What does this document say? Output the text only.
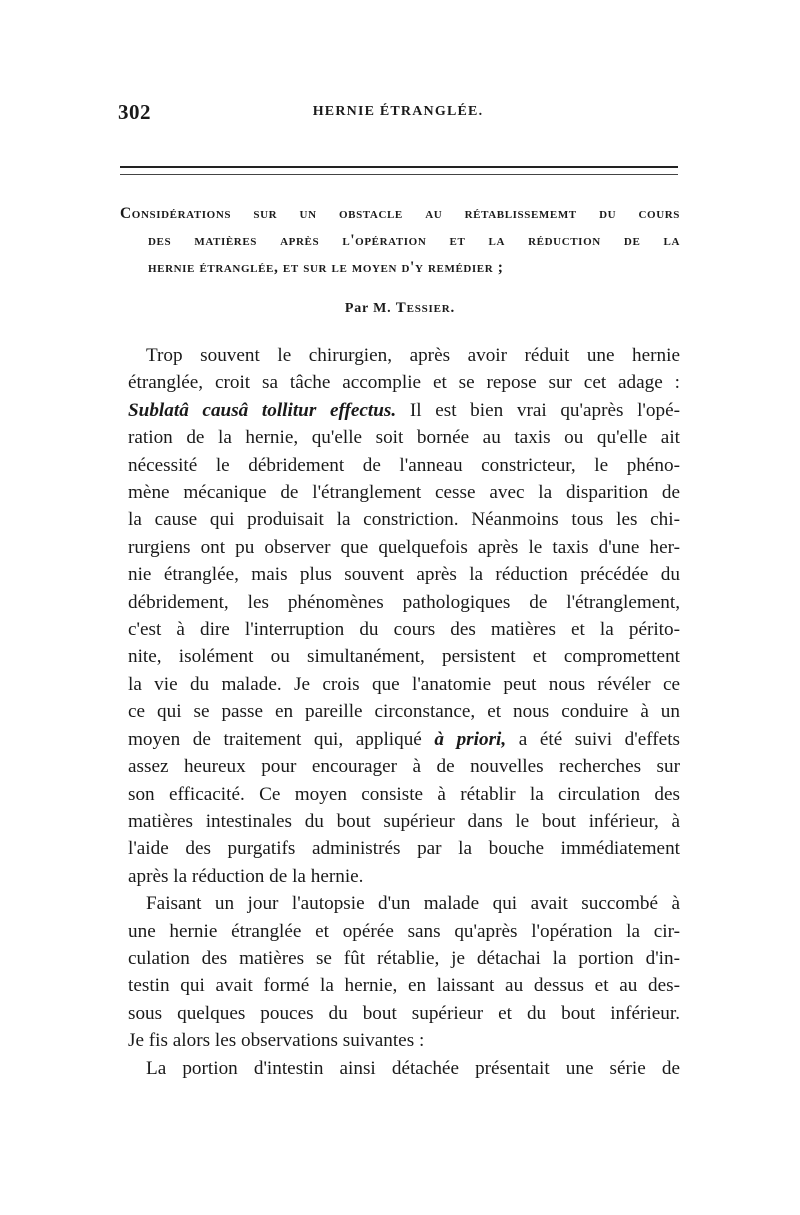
302	HERNIE ÉTRANGLÉE.
Considérations sur un obstacle au rétablissememt du cours
des matières après l'opération et la réduction de la
hernie étranglée, et sur le moyen d'y remédier ;
Par M. Tessier.
Trop souvent le chirurgien, après avoir réduit une hernie
étranglée, croit sa tâche accomplie et se repose sur cet adage :
Sublatâ causâ tollitur effectus. Il est bien vrai qu'après l'opé-
ration de la hernie, qu'elle soit bornée au taxis ou qu'elle ait
nécessité le débridement de l'anneau constricteur, le phéno-
mène mécanique de l'étranglement cesse avec la disparition de
la cause qui produisait la constriction. Néanmoins tous les chi-
rurgiens ont pu observer que quelquefois après le taxis d'une her-
nie étranglée, mais plus souvent après la réduction précédée du
débridement, les phénomènes pathologiques de l'étranglement,
c'est à dire l'interruption du cours des matières et la périto-
nite, isolément ou simultanément, persistent et compromettent
la vie du malade. Je crois que l'anatomie peut nous révéler ce
ce qui se passe en pareille circonstance, et nous conduire à un
moyen de traitement qui, appliqué à priori, a été suivi d'effets
assez heureux pour encourager à de nouvelles recherches sur
son efficacité. Ce moyen consiste à rétablir la circulation des
matières intestinales du bout supérieur dans le bout inférieur, à
l'aide des purgatifs administrés par la bouche immédiatement
après la réduction de la hernie.
Faisant un jour l'autopsie d'un malade qui avait succombé à
une hernie étranglée et opérée sans qu'après l'opération la cir-
culation des matières se fût rétablie, je détachai la portion d'in-
testin qui avait formé la hernie, en laissant au dessus et au des-
sous quelques pouces du bout supérieur et du bout inférieur.
Je fis alors les observations suivantes :
La portion d'intestin ainsi détachée présentait une série de
